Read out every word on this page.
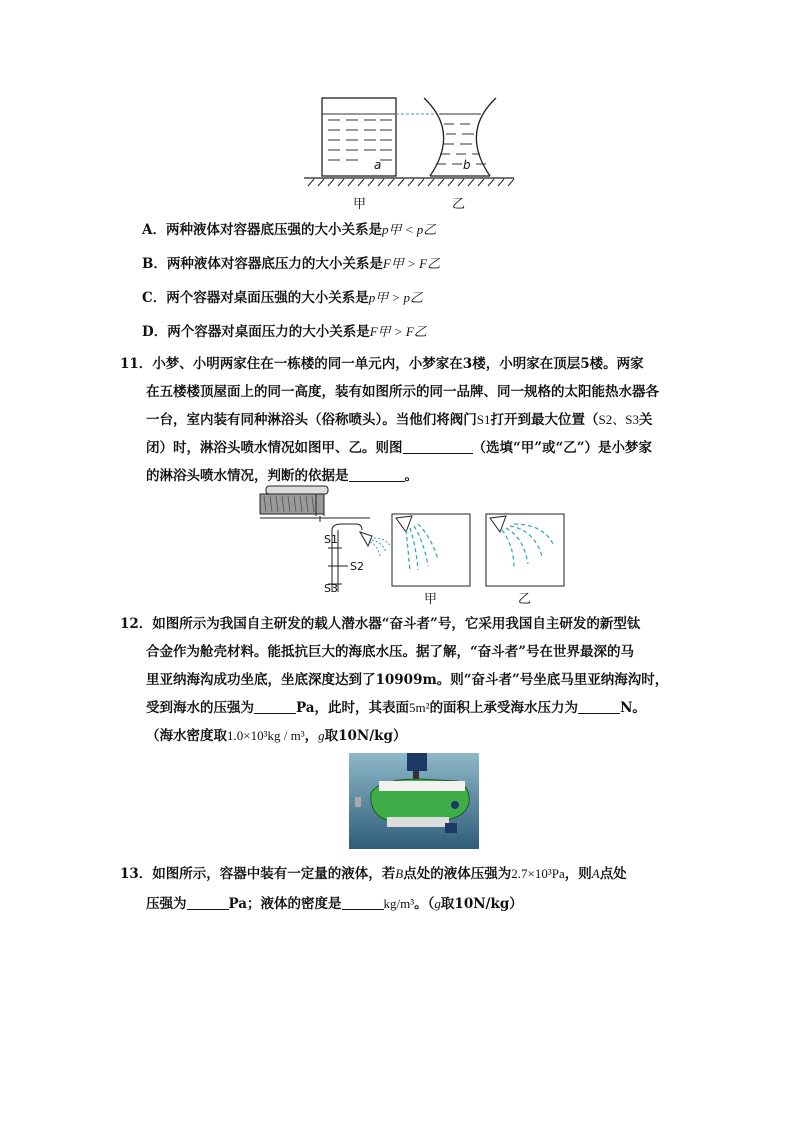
a	b
甲	乙
A．两种液体对容器底压强的大小关系是p甲 < p乙
B．两种液体对容器底压力的大小关系是F甲 > F乙
C．两个容器对桌面压强的大小关系是p甲 > p乙
D．两个容器对桌面压力的大小关系是F甲 > F乙
11．小梦、小明两家住在一栋楼的同一单元内，小梦家在3楼，小明家在顶层5楼。两家
在五楼楼顶屋面上的同一高度，装有如图所示的同一品牌、同一规格的太阳能热水器各
一台，室内装有同种淋浴头（俗称喷头）。当他们将阀门S1打开到最大位置（S2、S3关
闭）时，淋浴头喷水情况如图甲、乙。则图	（选填“甲”或“乙”）是小梦家
的淋浴头喷水情况，判断的依据是	。
S1
S2
S3
甲	乙
12．如图所示为我国自主研发的载人潜水器“奋斗者”号，它采用我国自主研发的新型钛
合金作为舱壳材料。能抵抗巨大的海底水压。据了解，“奋斗者”号在世界最深的马
里亚纳海沟成功坐底，坐底深度达到了10909m。则“奋斗者”号坐底马里亚纳海沟时，
受到海水的压强为	Pa，此时，其表面5m²的面积上承受海水压力为	N。
（海水密度取1.0×10³kg / m³，g取10N/kg）
13．如图所示，容器中装有一定量的液体，若B点处的液体压强为2.7×10³Pa，则A点处
压强为	Pa；液体的密度是	kg/m³。（g取10N/kg）
